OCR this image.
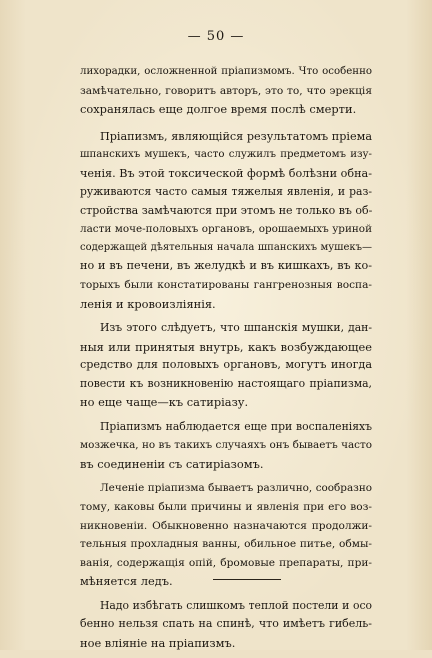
— 50 —
лихорадки, осложненной пріапизмомъ. Что особенно
замѣчательно, говоритъ авторъ, это то, что эрекція
сохранялась еще долгое время послѣ смерти.
Пріапизмъ, являющійся результатомъ пріема
шпанскихъ мушекъ, часто служилъ предметомъ изу-
ченія. Въ этой токсической формѣ болѣзни обна-
руживаются часто самыя тяжелыя явленія, и раз-
стройства замѣчаются при этомъ не только въ об-
ласти моче-половыхъ органовъ, орошаемыхъ уриной
содержащей дѣятельныя начала шпанскихъ мушекъ—
но и въ печени, въ желудкѣ и въ кишкахъ, въ ко-
торыхъ были констатированы гангренозныя воспа-
ленія и кровоизлiянія.
Изъ этого слѣдуетъ, что шпанскія мушки, дан-
ныя или принятыя внутрь, какъ возбуждающее
средство для половыхъ органовъ, могутъ иногда
повести къ возникновенію настоящаго пріапизма,
но еще чаще—къ сатиріазу.
Пріапизмъ наблюдается еще при воспаленіяхъ
мозжечка, но въ такихъ случаяхъ онъ бываетъ часто
въ соединеніи съ сатиріазомъ.
Леченіе пріапизма бываетъ различно, сообразно
тому, каковы были причины и явленія при его воз-
никновеніи. Обыкновенно назначаются продолжи-
тельныя прохладныя ванны, обильное питье, обмы-
ванія, содержащія опій, бромовые препараты, при-
мѣняется ледъ.
Надо избѣгать слишкомъ теплой постели и осо
бенно нельзя спать на спинѣ, что имѣетъ гибель-
ное вліяніе на пріапизмъ.
